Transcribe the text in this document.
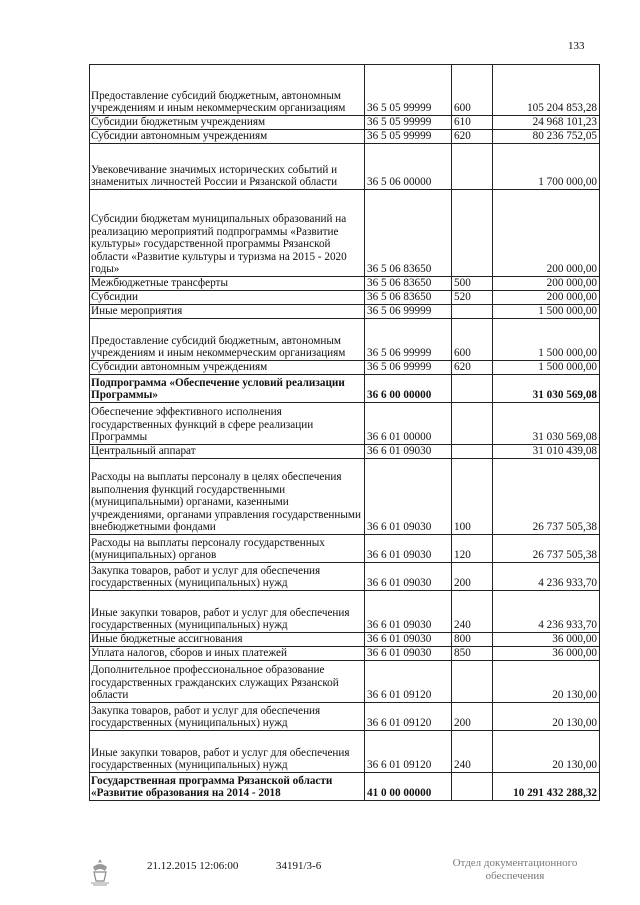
133
Предоставление субсидий бюджетным, автономным учреждениям и иным некоммерческим организациям	36 5 05 99999	600	105 204 853,28
Субсидии бюджетным учреждениям	36 5 05 99999	610	24 968 101,23
Субсидии автономным учреждениям	36 5 05 99999	620	80 236 752,05
Увековечивание значимых исторических событий и знаменитых личностей России и Рязанской области	36 5 06 00000		1 700 000,00
Субсидии бюджетам муниципальных образований на реализацию мероприятий подпрограммы «Развитие культуры» государственной программы Рязанской области «Развитие культуры и туризма на 2015 - 2020 годы»	36 5 06 83650		200 000,00
Межбюджетные трансферты	36 5 06 83650	500	200 000,00
Субсидии	36 5 06 83650	520	200 000,00
Иные мероприятия	36 5 06 99999		1 500 000,00
Предоставление субсидий бюджетным, автономным учреждениям и иным некоммерческим организациям	36 5 06 99999	600	1 500 000,00
Субсидии автономным учреждениям	36 5 06 99999	620	1 500 000,00
Подпрограмма «Обеспечение условий реализации Программы»	36 6 00 00000		31 030 569,08
Обеспечение эффективного исполнения государственных функций в сфере реализации Программы	36 6 01 00000		31 030 569,08
Центральный аппарат	36 6 01 09030		31 010 439,08
Расходы на выплаты персоналу в целях обеспечения выполнения функций государственными (муниципальными) органами, казенными учреждениями, органами управления государственными внебюджетными фондами	36 6 01 09030	100	26 737 505,38
Расходы на выплаты персоналу государственных (муниципальных) органов	36 6 01 09030	120	26 737 505,38
Закупка товаров, работ и услуг для обеспечения государственных (муниципальных) нужд	36 6 01 09030	200	4 236 933,70
Иные закупки товаров, работ и услуг для обеспечения государственных (муниципальных) нужд	36 6 01 09030	240	4 236 933,70
Иные бюджетные ассигнования	36 6 01 09030	800	36 000,00
Уплата налогов, сборов и иных платежей	36 6 01 09030	850	36 000,00
Дополнительное профессиональное образование государственных гражданских служащих Рязанской области	36 6 01 09120		20 130,00
Закупка товаров, работ и услуг для обеспечения государственных (муниципальных) нужд	36 6 01 09120	200	20 130,00
Иные закупки товаров, работ и услуг для обеспечения государственных (муниципальных) нужд	36 6 01 09120	240	20 130,00
Государственная программа Рязанской области «Развитие образования на 2014 - 2018	41 0 00 00000		10 291 432 288,32
21.12.2015 12:06:00	34191/3-6	Отдел документационного обеспечения
